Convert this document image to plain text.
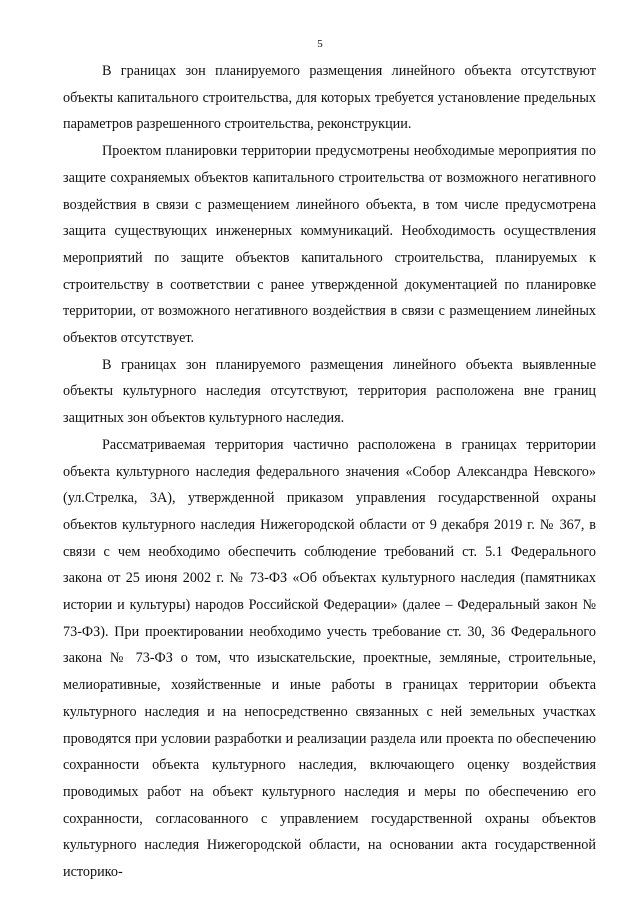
5

В границах зон планируемого размещения линейного объекта отсутствуют объекты капитального строительства, для которых требуется установление предельных параметров разрешенного строительства, реконструкции.

Проектом планировки территории предусмотрены необходимые мероприятия по защите сохраняемых объектов капитального строительства от возможного негативного воздействия в связи с размещением линейного объекта, в том числе предусмотрена защита существующих инженерных коммуникаций. Необходимость осуществления мероприятий по защите объектов капитального строительства, планируемых к строительству в соответствии с ранее утвержденной документацией по планировке территории, от возможного негативного воздействия в связи с размещением линейных объектов отсутствует.

В границах зон планируемого размещения линейного объекта выявленные объекты культурного наследия отсутствуют, территория расположена вне границ защитных зон объектов культурного наследия.

Рассматриваемая территория частично расположена в границах территории объекта культурного наследия федерального значения «Собор Александра Невского» (ул.Стрелка, 3А), утвержденной приказом управления государственной охраны объектов культурного наследия Нижегородской области от 9 декабря 2019 г. № 367, в связи с чем необходимо обеспечить соблюдение требований ст. 5.1 Федерального закона от 25 июня 2002 г. № 73-ФЗ «Об объектах культурного наследия (памятниках истории и культуры) народов Российской Федерации» (далее – Федеральный закон № 73-ФЗ). При проектировании необходимо учесть требование ст. 30, 36 Федерального закона № 73-ФЗ о том, что изыскательские, проектные, земляные, строительные, мелиоративные, хозяйственные и иные работы в границах территории объекта культурного наследия и на непосредственно связанных с ней земельных участках проводятся при условии разработки и реализации раздела или проекта по обеспечению сохранности объекта культурного наследия, включающего оценку воздействия проводимых работ на объект культурного наследия и меры по обеспечению его сохранности, согласованного с управлением государственной охраны объектов культурного наследия Нижегородской области, на основании акта государственной историко-
